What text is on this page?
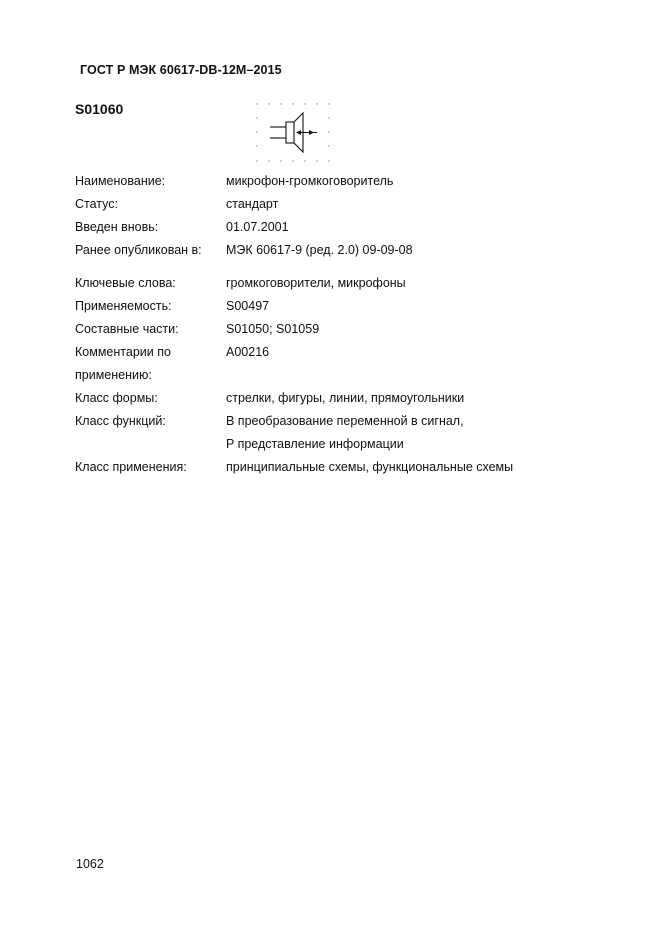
ГОСТ Р МЭК 60617-DB-12M–2015
S01060
Наименование:	микрофон-громкоговоритель
Статус:	стандарт
Введен вновь:	01.07.2001
Ранее опубликован в:	МЭК 60617-9 (ред. 2.0) 09-09-08
Ключевые слова:	громкоговорители, микрофоны
Применяемость:	S00497
Составные части:	S01050; S01059
Комментарии по	A00216
применению:
Класс формы:	стрелки, фигуры, линии, прямоугольники
Класс функций:	В преобразование переменной в сигнал,
P представление информации
Класс применения:	принципиальные схемы, функциональные схемы
1062
